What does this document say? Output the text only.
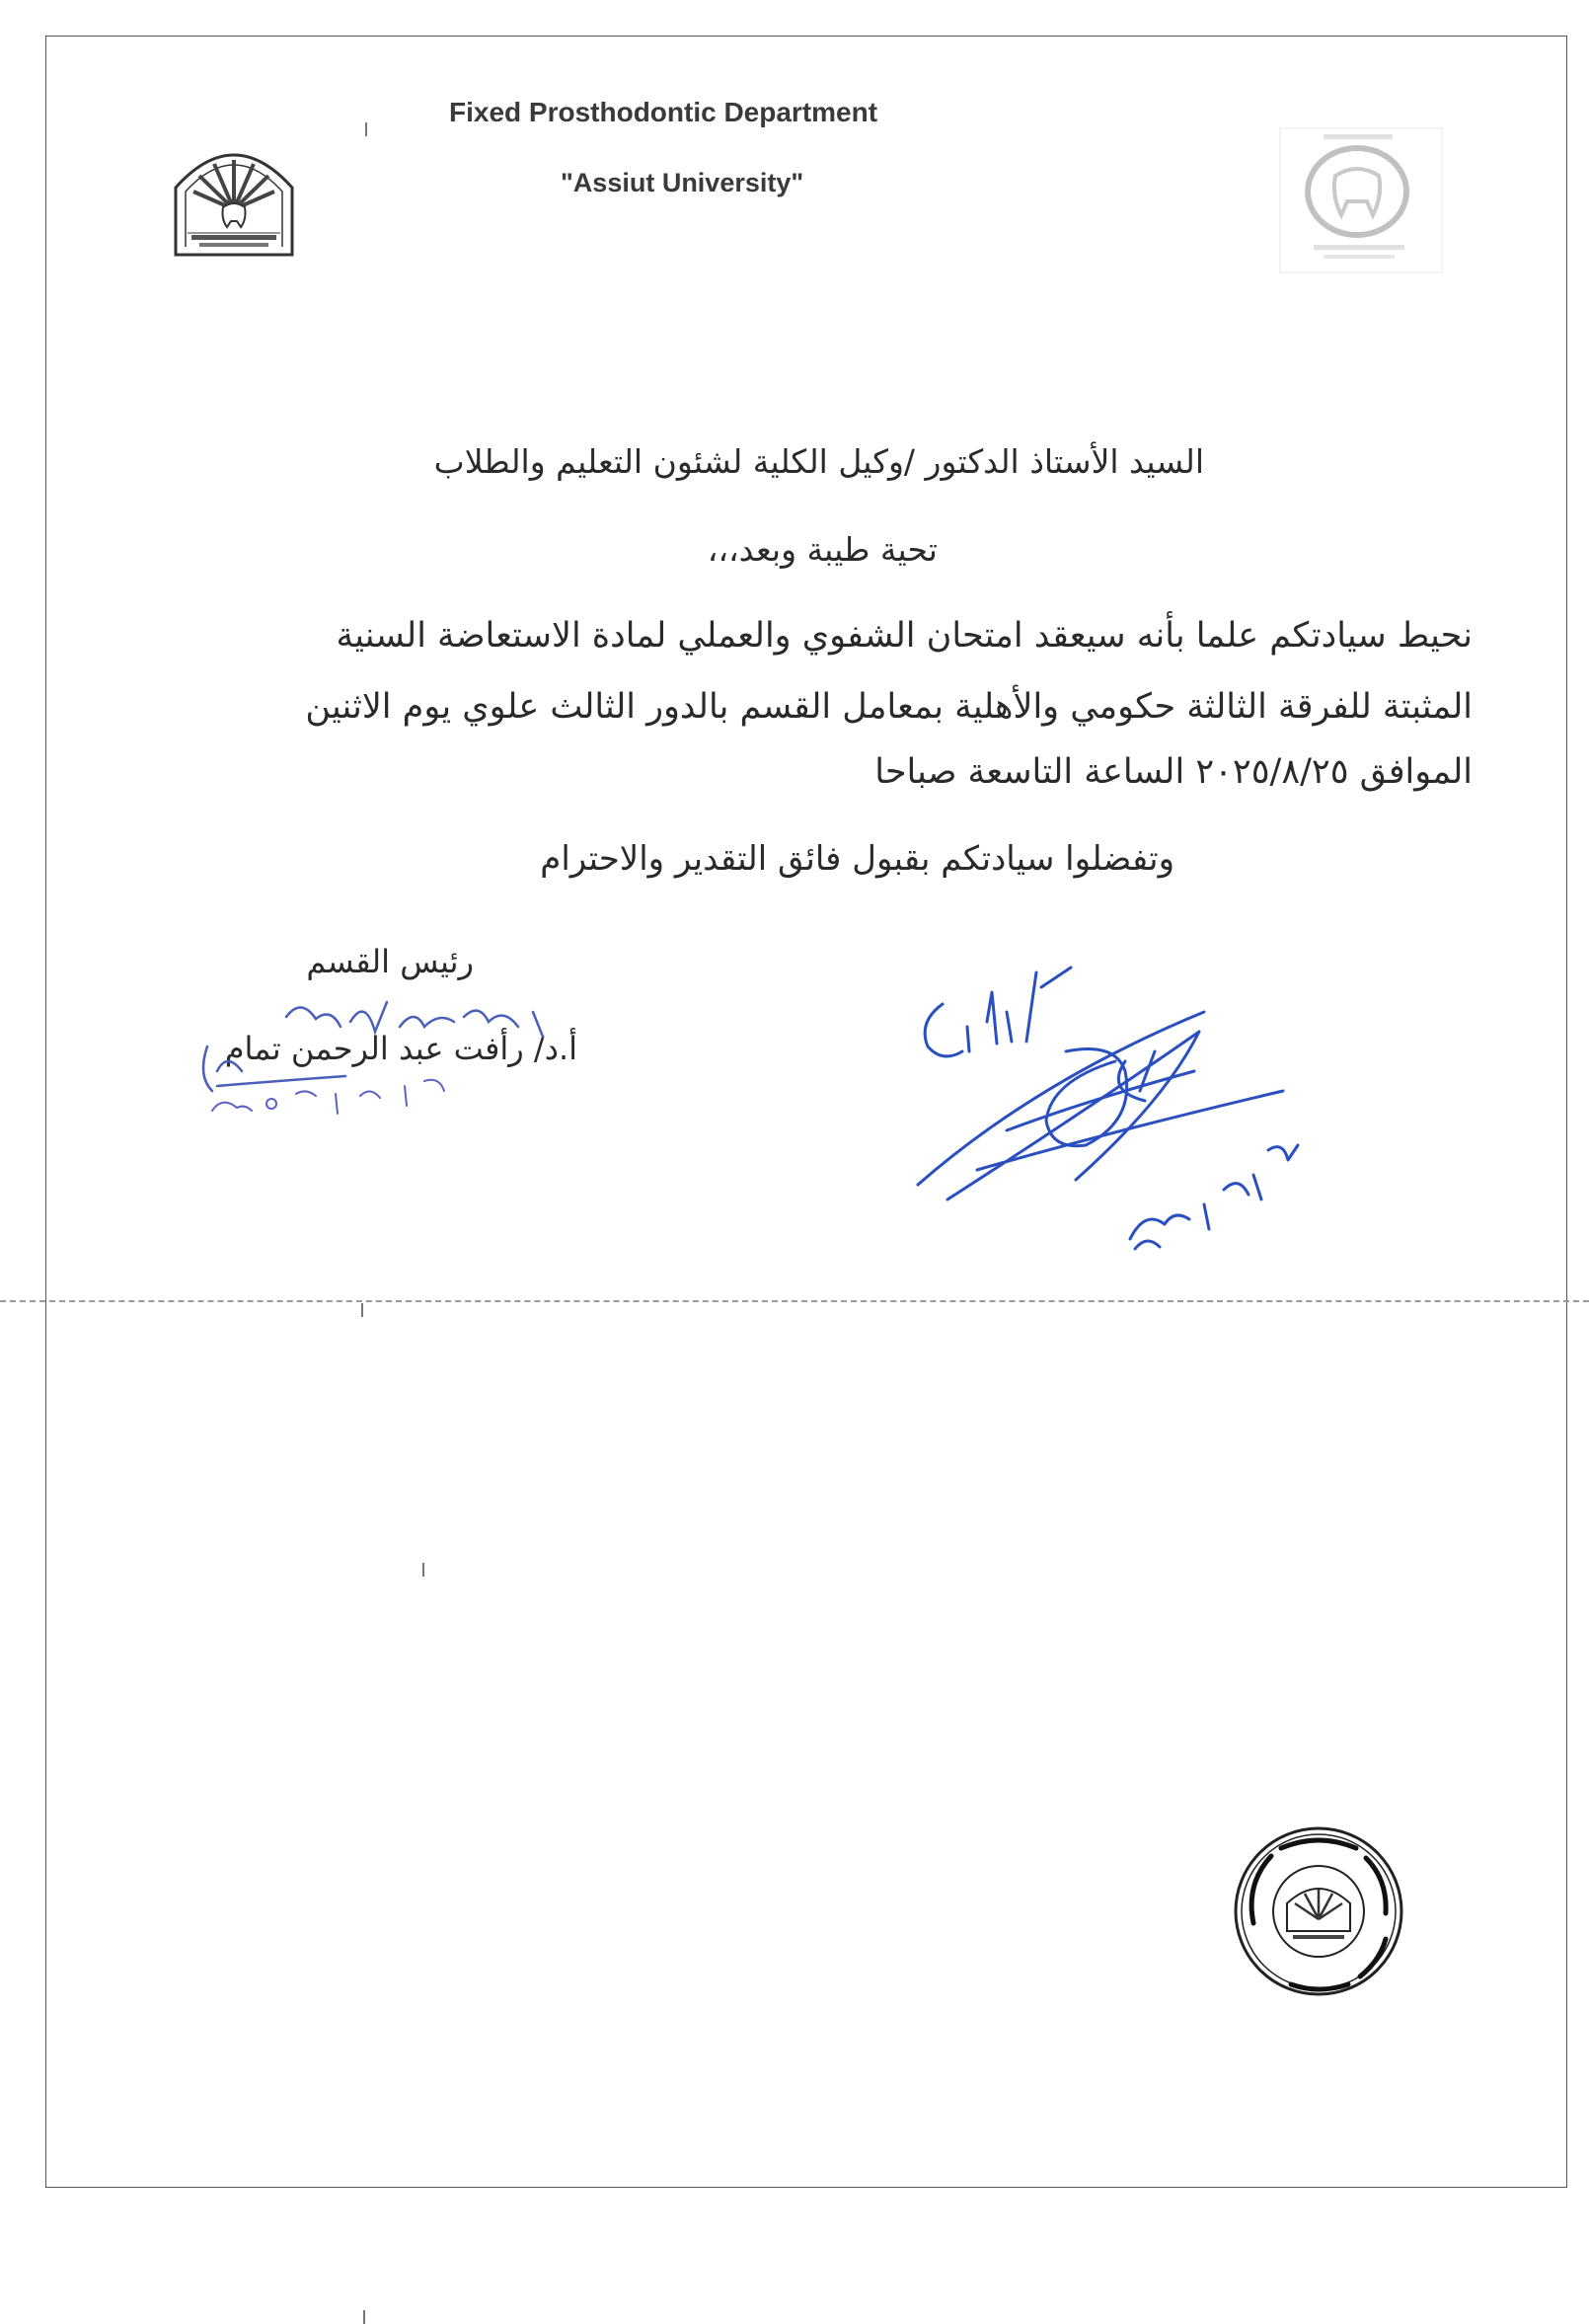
Fixed Prosthodontic Department
"Assiut University"
السيد الأستاذ الدكتور /وكيل الكلية لشئون التعليم والطلاب
تحية طيبة وبعد،،،
نحيط سيادتكم علما بأنه سيعقد امتحان الشفوي والعملي لمادة الاستعاضة السنية
المثبتة للفرقة الثالثة حكومي والأهلية بمعامل القسم بالدور الثالث علوي يوم الاثنين
الموافق ٢٠٢٥/٨/٢٥ الساعة التاسعة صباحا
وتفضلوا سيادتكم بقبول فائق التقدير والاحترام
رئيس القسم
أ.د/ رأفت عبد الرحمن تمام
